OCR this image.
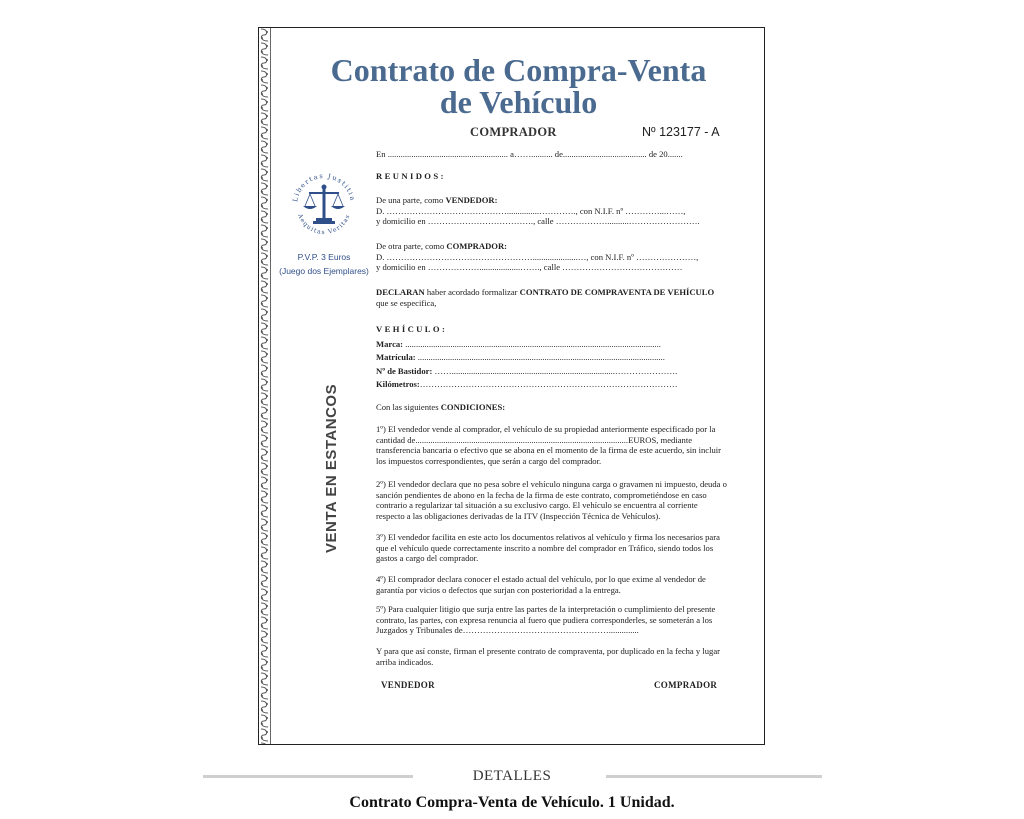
Contrato de Compra-Venta
de Vehículo
COMPRADOR	Nº 123177 - A
Libertas Justitia
Aequitas Veritas
P.V.P. 3 Euros
(Juego dos Ejemplares)
VENTA EN ESTANCOS

En ........................................................ a…….......... de....................................... de 20.......

REUNIDOS:

De una parte, como VENDEDOR:

D. ……………………………………...............…………., con N.I.F. nº …………...……,

y domicilio en ………………………………., calle ………………..........…………………….

De otra parte, como COMPRADOR:

D. …………………………………………….....................…, con N.I.F. nº …………………,

y domicilio en ………………...................……., calle ……………………………………

DECLARAN haber acordado formalizar CONTRATO DE COMPRAVENTA DE VEHÍCULO que se especifica,

VEHÍCULO:

Marca: .......................................................................................................................

Matrícula: ...................................................................................................................

Nº de Bastidor: ……............................................................................………………….

Kilómetros:………………………………………………………………………………

Con las siguientes CONDICIONES:

1º) El vendedor vende al comprador, el vehículo de su propiedad anteriormente especificado por la cantidad de...................................................................................................EUROS, mediante transferencia bancaria o efectivo que se abona en el momento de la firma de este acuerdo, sin incluir los impuestos correspondientes, que serán a cargo del comprador.

2º) El vendedor declara que no pesa sobre el vehículo ninguna carga o gravamen ni impuesto, deuda o sanción pendientes de abono en la fecha de la firma de este contrato, comprometiéndose en caso contrario a regularizar tal situación a su exclusivo cargo. El vehículo se encuentra al corriente respecto a las obligaciones derivadas de la ITV (Inspección Técnica de Vehículos).

3º) El vendedor facilita en este acto los documentos relativos al vehículo y firma los necesarios para que el vehículo quede correctamente inscrito a nombre del comprador en Tráfico, siendo todos los gastos a cargo del comprador.

4º) El comprador declara conocer el estado actual del vehículo, por lo que exime al vendedor de garantía por vicios o defectos que surjan con posterioridad a la entrega.

5º) Para cualquier litigio que surja entre las partes de la interpretación o cumplimiento del presente contrato, las partes, con expresa renuncia al fuero que pudiera corresponderles, se someterán a los Juzgados y Tribunales de……………………………………………..............

Y para que así conste, firman el presente contrato de compraventa, por duplicado en la fecha y lugar arriba indicados.

VENDEDOR	COMPRADOR
DETALLES
Contrato Compra-Venta de Vehículo. 1 Unidad.
